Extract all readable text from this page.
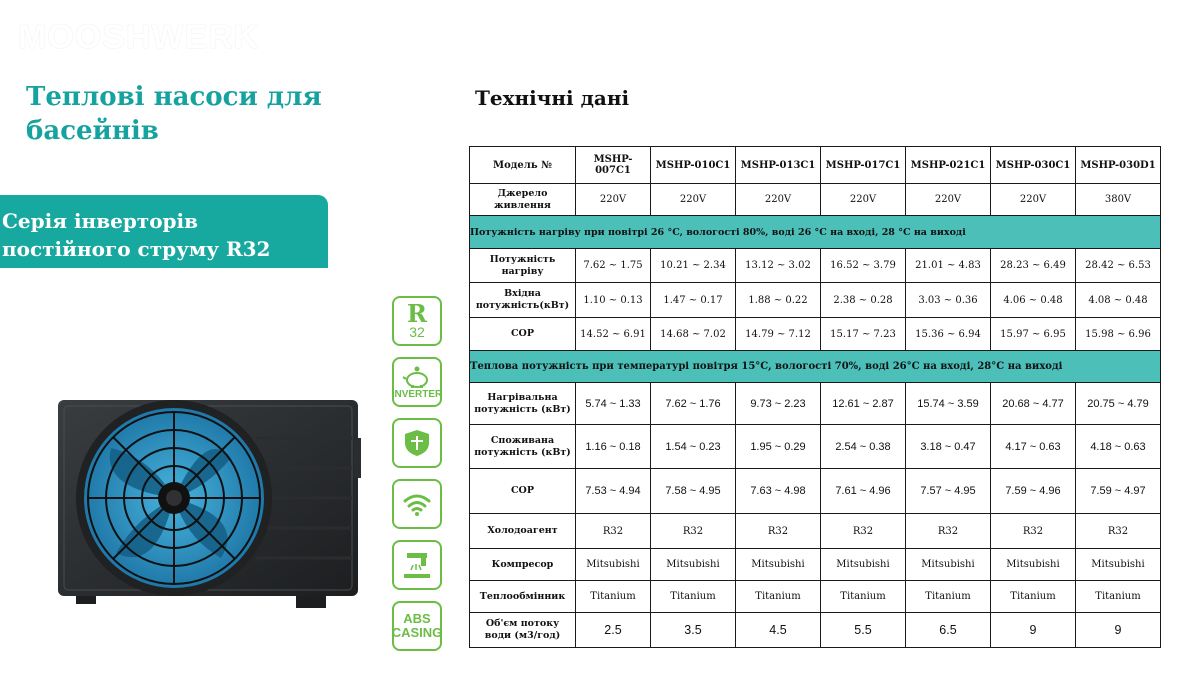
MOOSHWERK
Теплові насоси для басейнів
Серія інверторів постійного струму R32
R
32
INVERTER
ABS
CASING
Технічні дані
Модель №	MSHP-007C1	MSHP-010C1	MSHP-013C1	MSHP-017C1	MSHP-021C1	MSHP-030C1	MSHP-030D1
Джерело живлення	220V	220V	220V	220V	220V	220V	380V
Потужність нагріву при повітрі 26 °C, вологості 80%, воді 26 °C на вході, 28 °C на виході							
Потужність нагріву	7.62 ~ 1.75	10.21 ~ 2.34	13.12 ~ 3.02	16.52 ~ 3.79	21.01 ~ 4.83	28.23 ~ 6.49	28.42 ~ 6.53
Вхідна потужність(кВт)	1.10 ~ 0.13	1.47 ~ 0.17	1.88 ~ 0.22	2.38 ~ 0.28	3.03 ~ 0.36	4.06 ~ 0.48	4.08 ~ 0.48
COP	14.52 ~ 6.91	14.68 ~ 7.02	14.79 ~ 7.12	15.17 ~ 7.23	15.36 ~ 6.94	15.97 ~ 6.95	15.98 ~ 6.96
Теплова потужність при температурі повітря 15°C, вологості 70%, воді 26°C на вході, 28°C на виході							
Нагрівальна потужність (кВт)	5.74 ~ 1.33	7.62 ~ 1.76	9.73 ~ 2.23	12.61 ~ 2.87	15.74 ~ 3.59	20.68 ~ 4.77	20.75 ~ 4.79
Споживана потужність (кВт)	1.16 ~ 0.18	1.54 ~ 0.23	1.95 ~ 0.29	2.54 ~ 0.38	3.18 ~ 0.47	4.17 ~ 0.63	4.18 ~ 0.63
COP	7.53 ~ 4.94	7.58 ~ 4.95	7.63 ~ 4.98	7.61 ~ 4.96	7.57 ~ 4.95	7.59 ~ 4.96	7.59 ~ 4.97
Холодоагент	R32	R32	R32	R32	R32	R32	R32
Компресор	Mitsubishi	Mitsubishi	Mitsubishi	Mitsubishi	Mitsubishi	Mitsubishi	Mitsubishi
Теплообмінник	Titanium	Titanium	Titanium	Titanium	Titanium	Titanium	Titanium
Об'єм потоку води (м3/год)	2.5	3.5	4.5	5.5	6.5	9	9
